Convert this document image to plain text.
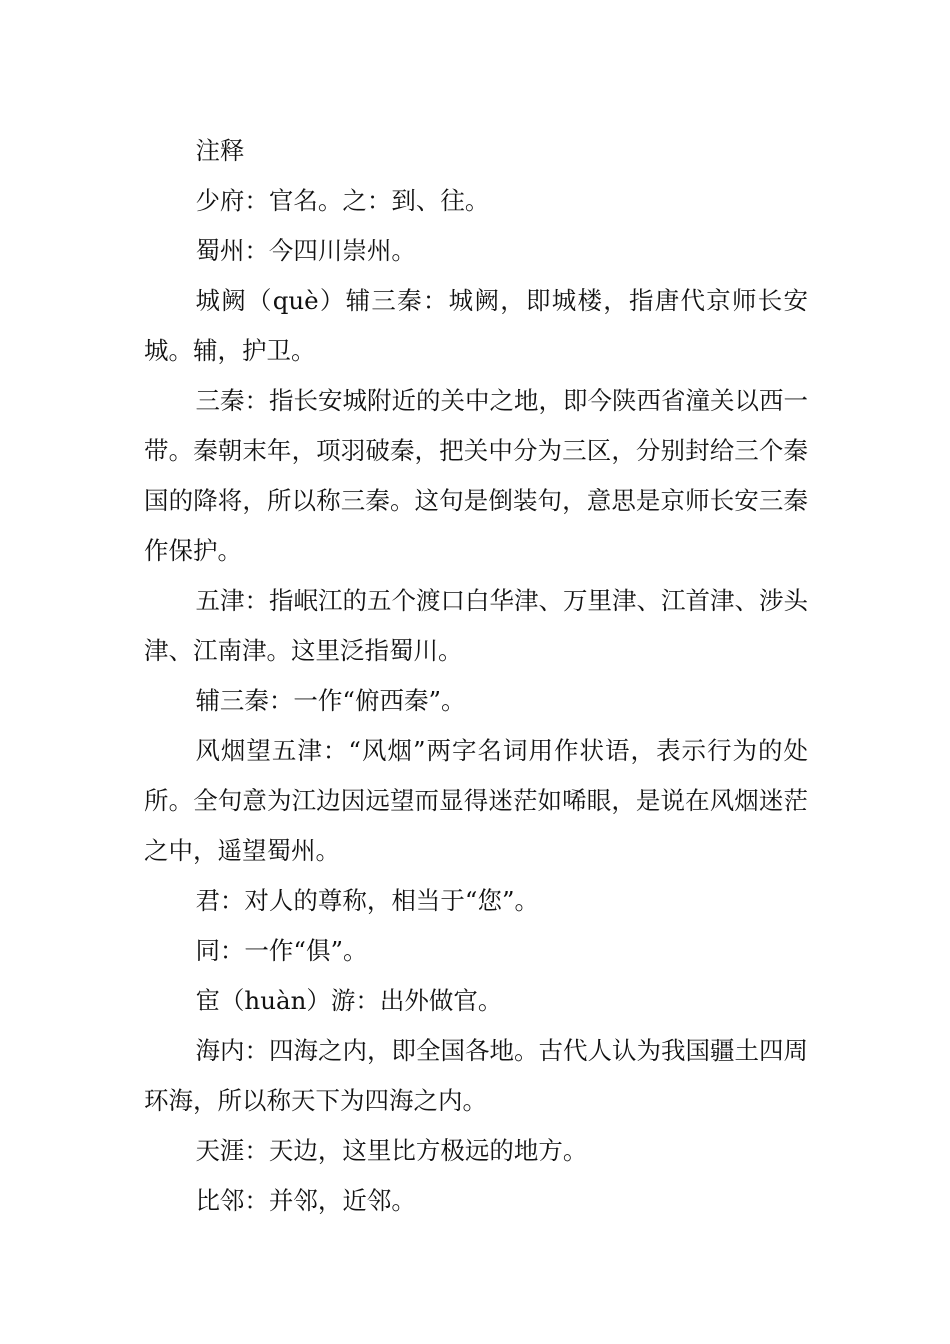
注释

少府：官名。之：到、往。

蜀州：今四川崇州。

城阙（què）辅三秦：城阙，即城楼，指唐代京师长安城。辅，护卫。

三秦：指长安城附近的关中之地，即今陕西省潼关以西一带。秦朝末年，项羽破秦，把关中分为三区，分别封给三个秦国的降将，所以称三秦。这句是倒装句，意思是京师长安三秦作保护。

五津：指岷江的五个渡口白华津、万里津、江首津、涉头津、江南津。这里泛指蜀川。

辅三秦：一作“俯西秦”。

风烟望五津：“风烟”两字名词用作状语，表示行为的处所。全句意为江边因远望而显得迷茫如唏眼，是说在风烟迷茫之中，遥望蜀州。

君：对人的尊称，相当于“您”。

同：一作“俱”。

宦（huàn）游：出外做官。

海内：四海之内，即全国各地。古代人认为我国疆土四周环海，所以称天下为四海之内。

天涯：天边，这里比方极远的地方。

比邻：并邻，近邻。
